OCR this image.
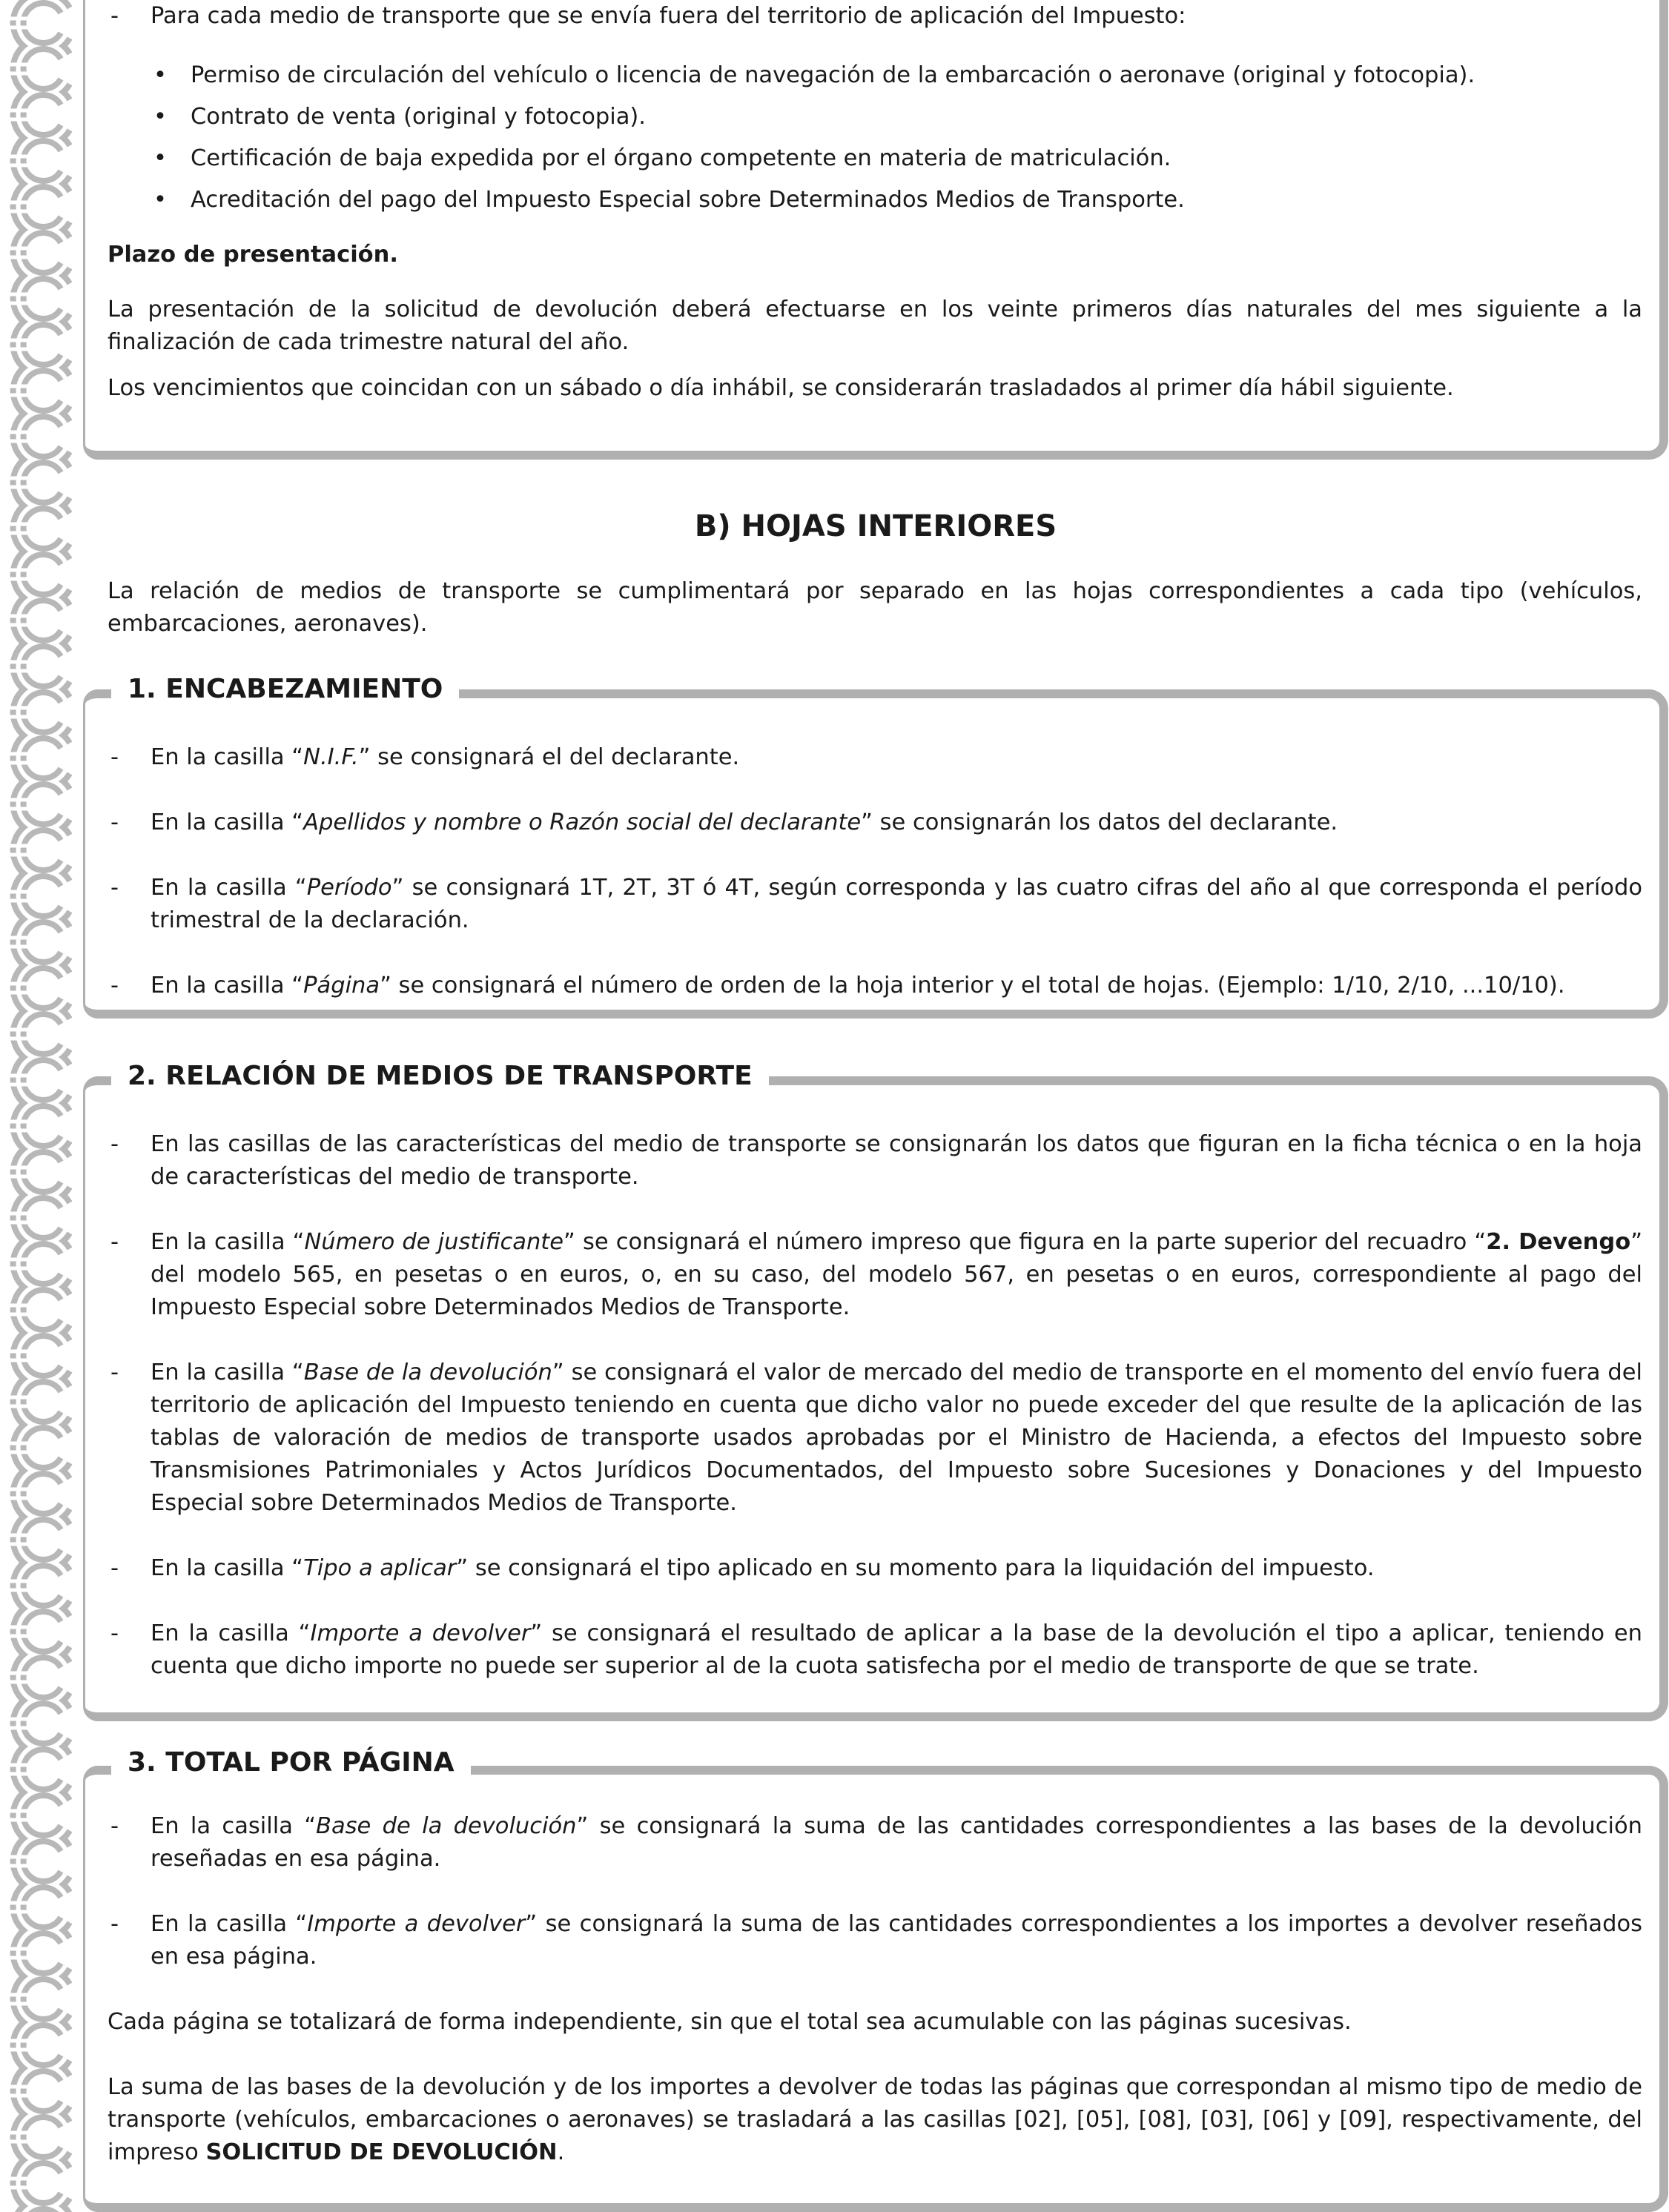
- Para cada medio de transporte que se envía fuera del territorio de aplicación del Impuesto:

• Permiso de circulación del vehículo o licencia de navegación de la embarcación o aeronave (original y fotocopia).

• Contrato de venta (original y fotocopia).

• Certificación de baja expedida por el órgano competente en materia de matriculación.

• Acreditación del pago del Impuesto Especial sobre Determinados Medios de Transporte.

Plazo de presentación.

La presentación de la solicitud de devolución deberá efectuarse en los veinte primeros días naturales del mes siguiente a la finalización de cada trimestre natural del año.

Los vencimientos que coincidan con un sábado o día inhábil, se considerarán trasladados al primer día hábil siguiente.

B) HOJAS INTERIORES

La relación de medios de transporte se cumplimentará por separado en las hojas correspondientes a cada tipo (vehículos, embarcaciones, aeronaves).

1. ENCABEZAMIENTO

- En la casilla “N.I.F.” se consignará el del declarante.

- En la casilla “Apellidos y nombre o Razón social del declarante” se consignarán los datos del declarante.

- En la casilla “Período” se consignará 1T, 2T, 3T ó 4T, según corresponda y las cuatro cifras del año al que corresponda el período trimestral de la declaración.

- En la casilla “Página” se consignará el número de orden de la hoja interior y el total de hojas. (Ejemplo: 1/10, 2/10, ...10/10).

2. RELACIÓN DE MEDIOS DE TRANSPORTE

- En las casillas de las características del medio de transporte se consignarán los datos que figuran en la ficha técnica o en la hoja de características del medio de transporte.

- En la casilla “Número de justificante” se consignará el número impreso que figura en la parte superior del recuadro “2. Devengo” del modelo 565, en pesetas o en euros, o, en su caso, del modelo 567, en pesetas o en euros, correspondiente al pago del Impuesto Especial sobre Determinados Medios de Transporte.

- En la casilla “Base de la devolución” se consignará el valor de mercado del medio de transporte en el momento del envío fuera del territorio de aplicación del Impuesto teniendo en cuenta que dicho valor no puede exceder del que resulte de la aplicación de las tablas de valoración de medios de transporte usados aprobadas por el Ministro de Hacienda, a efectos del Impuesto sobre Transmisiones Patrimoniales y Actos Jurídicos Documentados, del Impuesto sobre Sucesiones y Donaciones y del Impuesto Especial sobre Determinados Medios de Transporte.

- En la casilla “Tipo a aplicar” se consignará el tipo aplicado en su momento para la liquidación del impuesto.

- En la casilla “Importe a devolver” se consignará el resultado de aplicar a la base de la devolución el tipo a aplicar, teniendo en cuenta que dicho importe no puede ser superior al de la cuota satisfecha por el medio de transporte de que se trate.

3. TOTAL POR PÁGINA

- En la casilla “Base de la devolución” se consignará la suma de las cantidades correspondientes a las bases de la devolución reseñadas en esa página.

- En la casilla “Importe a devolver” se consignará la suma de las cantidades correspondientes a los importes a devolver reseñados en esa página.

Cada página se totalizará de forma independiente, sin que el total sea acumulable con las páginas sucesivas.

La suma de las bases de la devolución y de los importes a devolver de todas las páginas que correspondan al mismo tipo de medio de transporte (vehículos, embarcaciones o aeronaves) se trasladará a las casillas [02], [05], [08], [03], [06] y [09], respectivamente, del impreso SOLICITUD DE DEVOLUCIÓN.
